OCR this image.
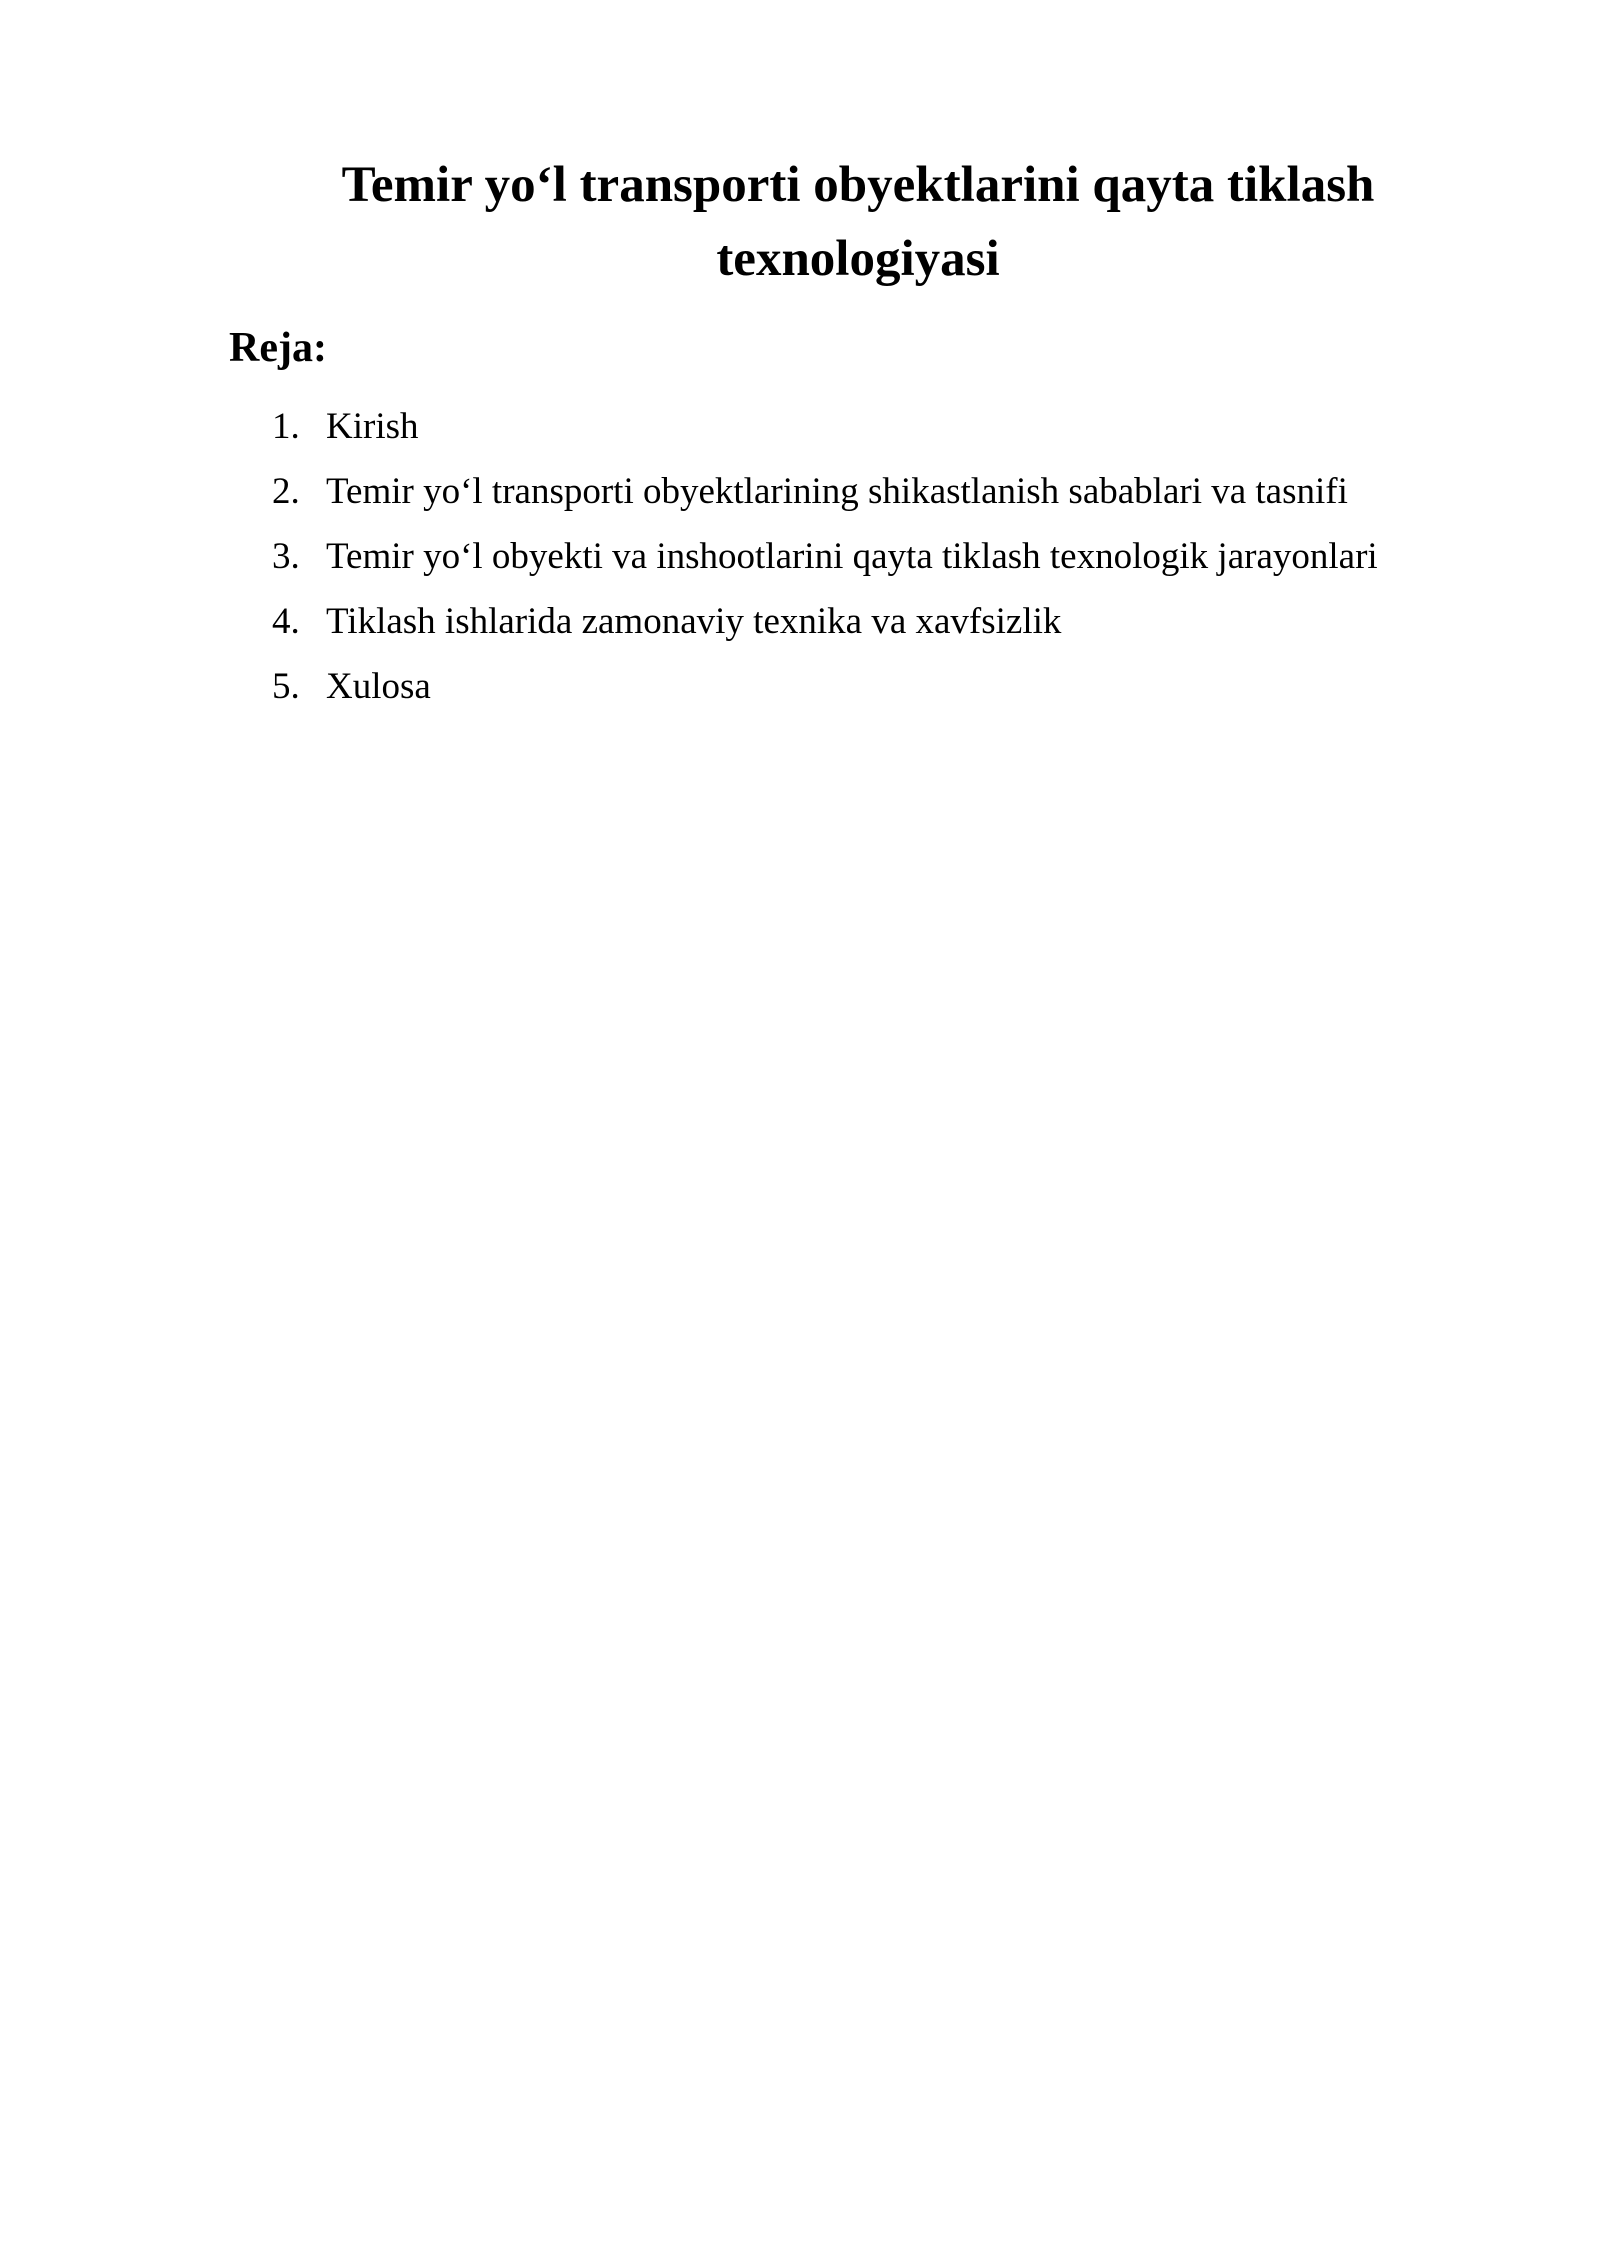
Temir yo‘l transporti obyektlarini qayta tiklash texnologiyasi
Reja:
1. Kirish
2. Temir yo‘l transporti obyektlarining shikastlanish sabablari va tasnifi
3. Temir yo‘l obyekti va inshootlarini qayta tiklash texnologik jarayonlari
4. Tiklash ishlarida zamonaviy texnika va xavfsizlik
5. Xulosa
